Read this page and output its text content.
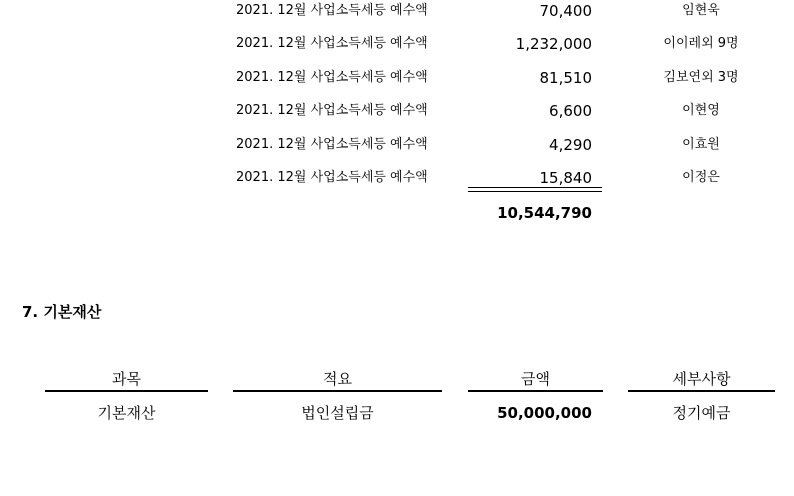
2021. 12월 사업소득세등 예수액	70,400	임현욱
2021. 12월 사업소득세등 예수액	1,232,000	이이레외 9명
2021. 12월 사업소득세등 예수액	81,510	김보연외 3명
2021. 12월 사업소득세등 예수액	6,600	이현영
2021. 12월 사업소득세등 예수액	4,290	이효원
2021. 12월 사업소득세등 예수액	15,840	이정은
10,544,790
7. 기본재산
과목	적요	금액	세부사항
기본재산	법인설립금	50,000,000	정기예금
